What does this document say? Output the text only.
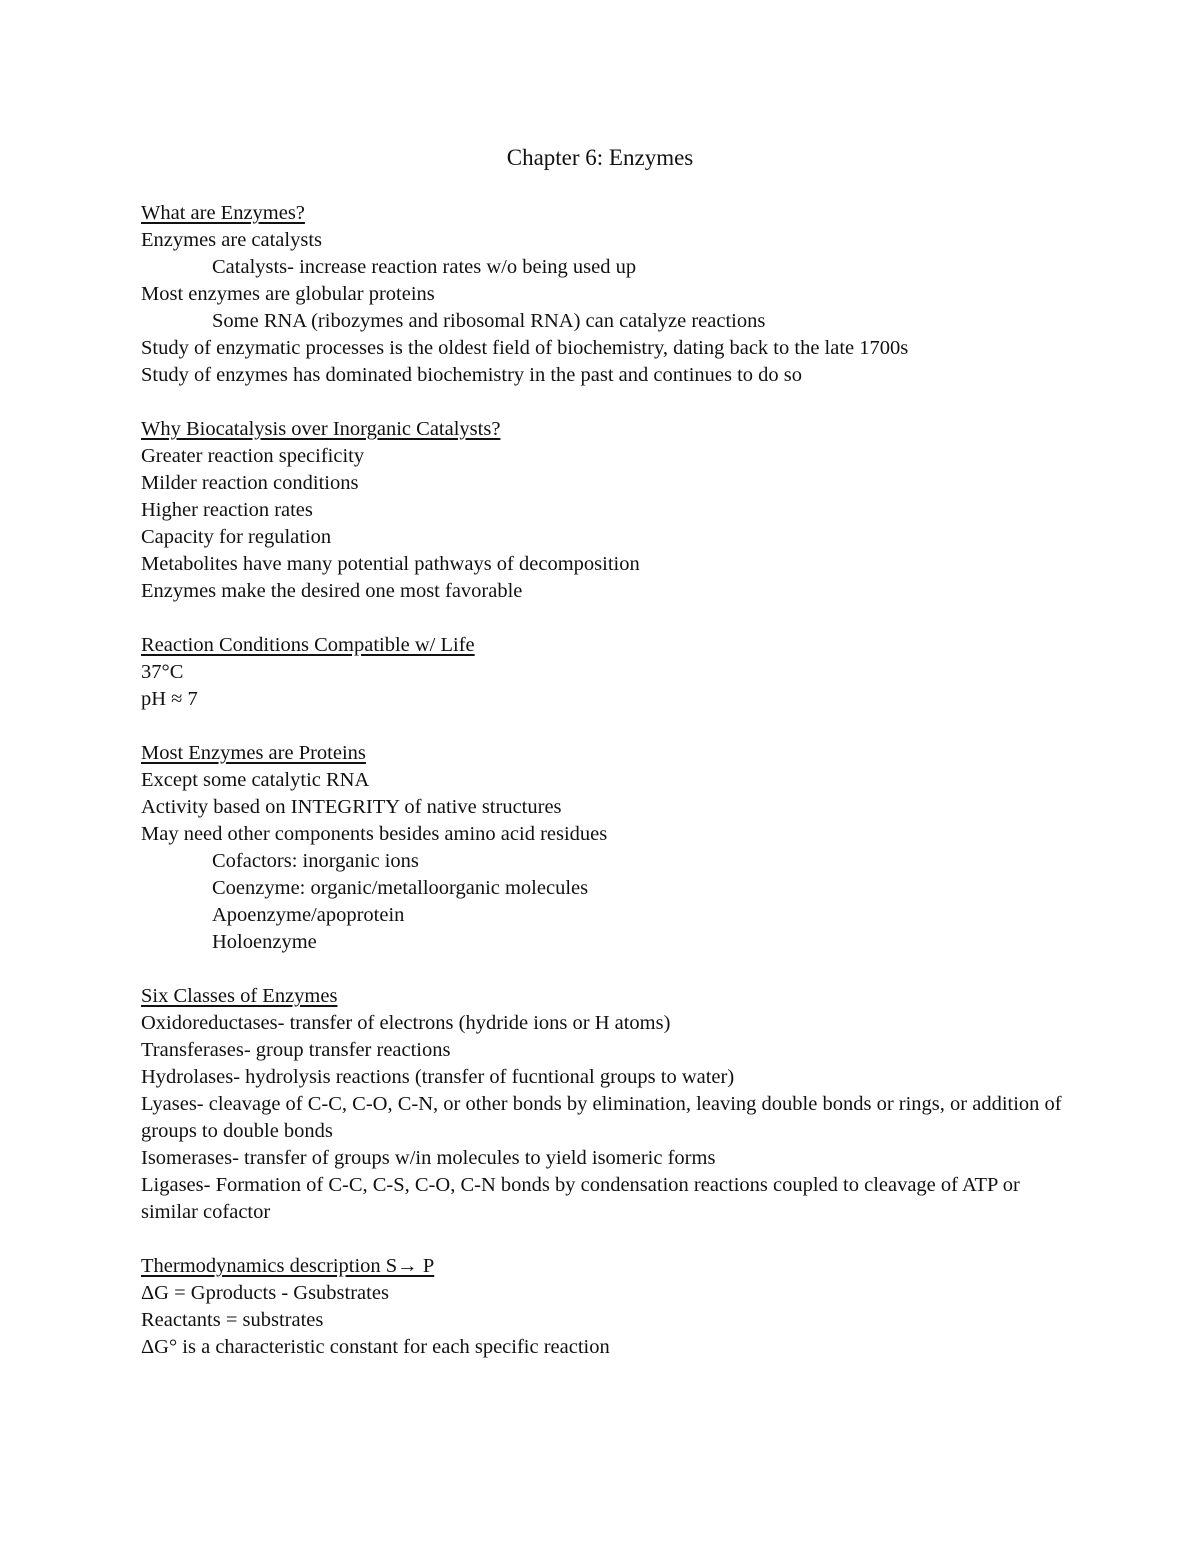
Chapter 6: Enzymes
What are Enzymes?
Enzymes are catalysts
Catalysts- increase reaction rates w/o being used up
Most enzymes are globular proteins
Some RNA (ribozymes and ribosomal RNA) can catalyze reactions
Study of enzymatic processes is the oldest field of biochemistry, dating back to the late 1700s
Study of enzymes has dominated biochemistry in the past and continues to do so
Why Biocatalysis over Inorganic Catalysts?
Greater reaction specificity
Milder reaction conditions
Higher reaction rates
Capacity for regulation
Metabolites have many potential pathways of decomposition
Enzymes make the desired one most favorable
Reaction Conditions Compatible w/ Life
37°C
pH ≈ 7
Most Enzymes are Proteins
Except some catalytic RNA
Activity based on INTEGRITY of native structures
May need other components besides amino acid residues
Cofactors: inorganic ions
Coenzyme: organic/metalloorganic molecules
Apoenzyme/apoprotein
Holoenzyme
Six Classes of Enzymes
Oxidoreductases- transfer of electrons (hydride ions or H atoms)
Transferases- group transfer reactions
Hydrolases- hydrolysis reactions (transfer of fucntional groups to water)
Lyases- cleavage of C-C, C-O, C-N, or other bonds by elimination, leaving double bonds or rings, or addition of groups to double bonds
Isomerases- transfer of groups w/in molecules to yield isomeric forms
Ligases- Formation of C-C, C-S, C-O, C-N bonds by condensation reactions coupled to cleavage of ATP or similar cofactor
Thermodynamics description S→ P
ΔG = Gproducts - Gsubstrates
Reactants = substrates
ΔG° is a characteristic constant for each specific reaction
